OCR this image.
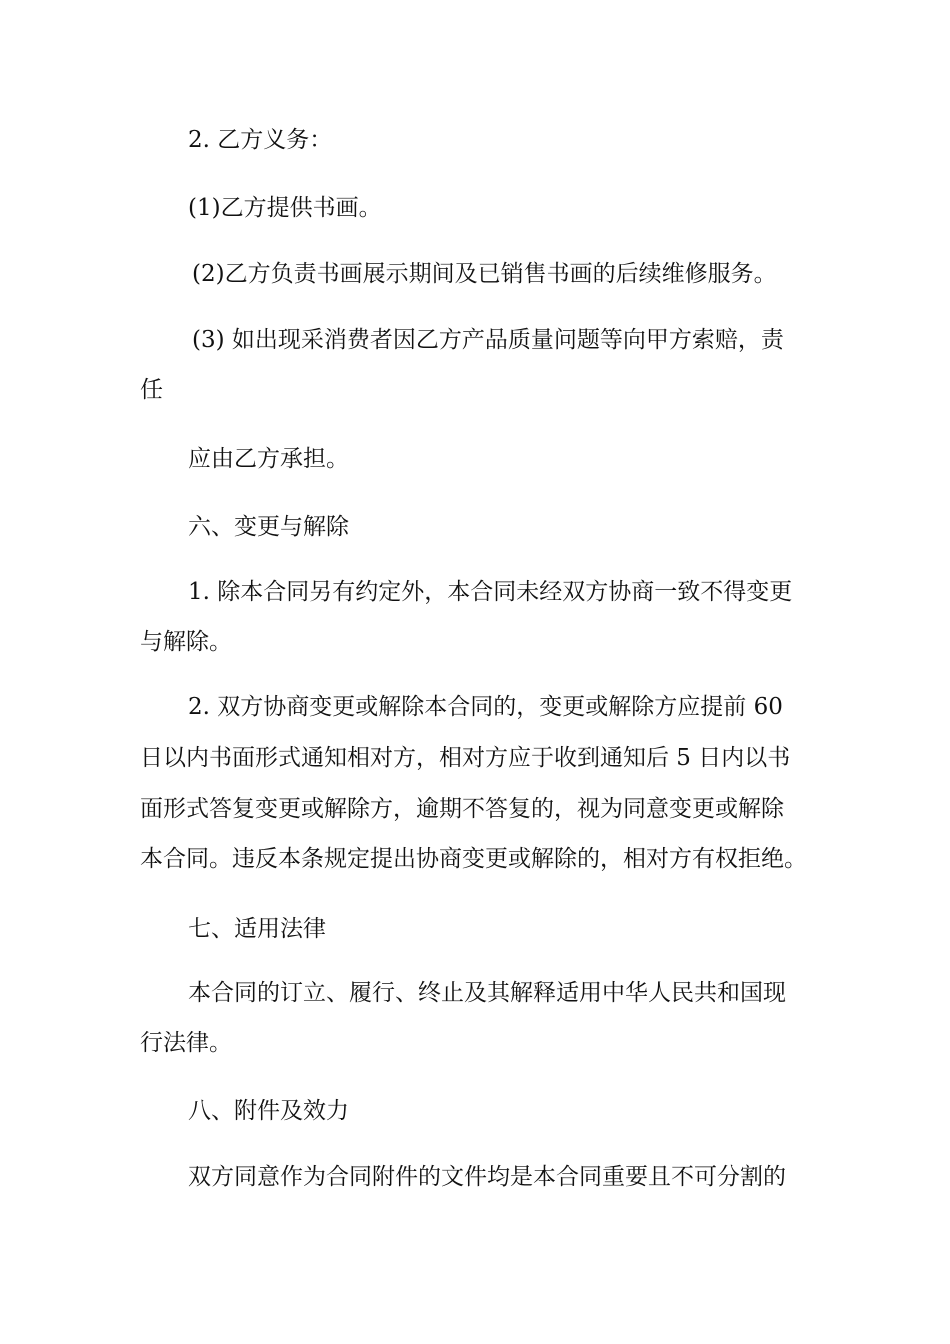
2. 乙方义务：
(1)乙方提供书画。
(2)乙方负责书画展示期间及已销售书画的后续维修服务。
(3) 如出现采消费者因乙方产品质量问题等向甲方索赔，责
任
应由乙方承担。
六、变更与解除
1. 除本合同另有约定外，本合同未经双方协商一致不得变更
与解除。
2. 双方协商变更或解除本合同的，变更或解除方应提前 60
日以内书面形式通知相对方，相对方应于收到通知后 5 日内以书
面形式答复变更或解除方，逾期不答复的，视为同意变更或解除
本合同。违反本条规定提出协商变更或解除的，相对方有权拒绝。
七、适用法律
本合同的订立、履行、终止及其解释适用中华人民共和国现
行法律。
八、附件及效力
双方同意作为合同附件的文件均是本合同重要且不可分割的
